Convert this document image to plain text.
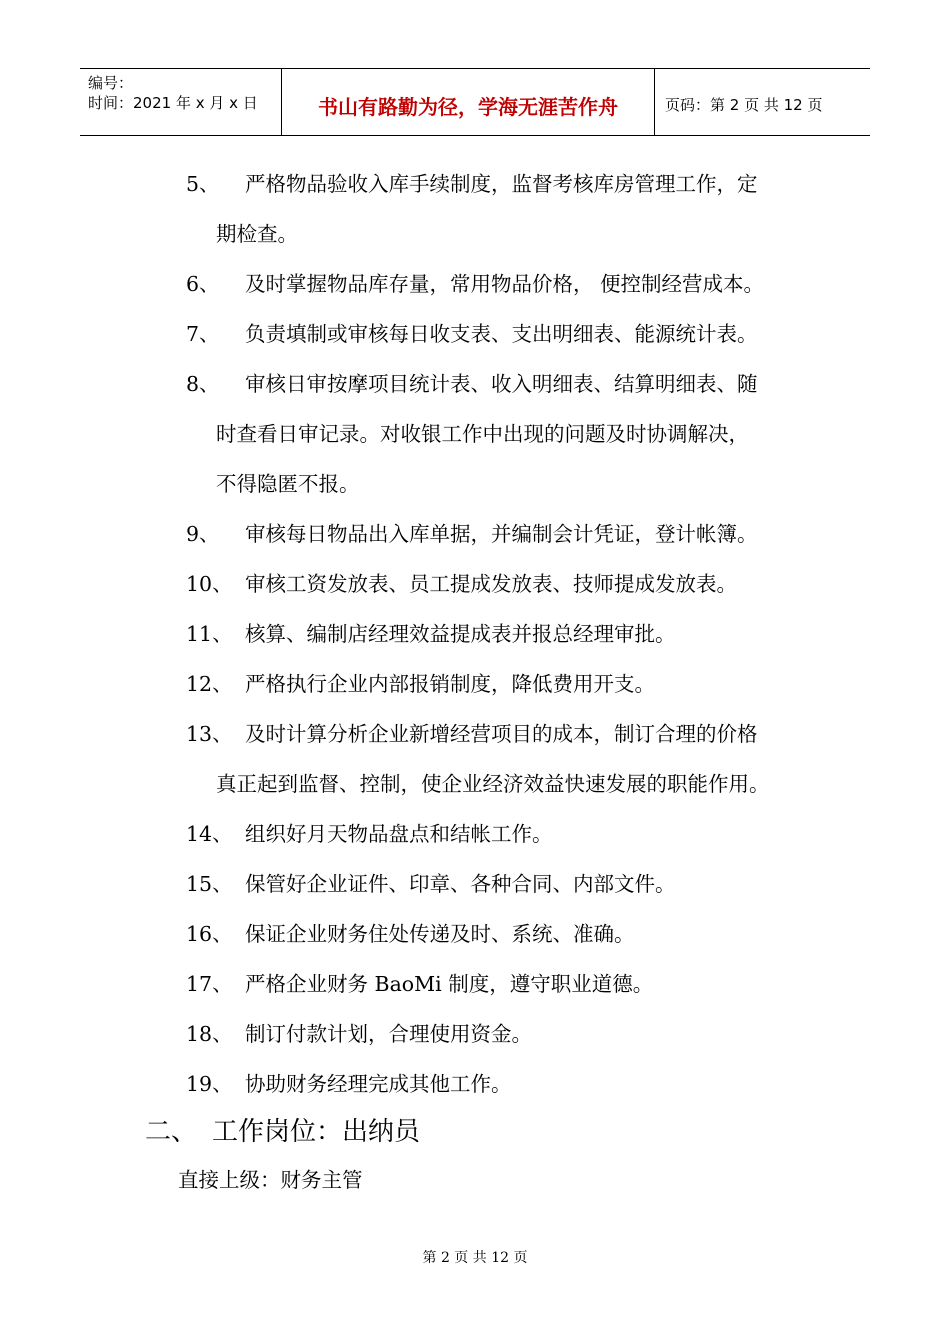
编号：
时间：2021 年 x 月 x 日	书山有路勤为径，学海无涯苦作舟	页码：第 2 页 共 12 页
5、 严格物品验收入库手续制度，监督考核库房管理工作，定
期检查。
6、 及时掌握物品库存量，常用物品价格， 便控制经营成本。
7、 负责填制或审核每日收支表、支出明细表、能源统计表。
8、 审核日审按摩项目统计表、收入明细表、结算明细表、随
时查看日审记录。对收银工作中出现的问题及时协调解决，
不得隐匿不报。
9、 审核每日物品出入库单据，并编制会计凭证，登计帐簿。
10、 审核工资发放表、员工提成发放表、技师提成发放表。
11、 核算、编制店经理效益提成表并报总经理审批。
12、 严格执行企业内部报销制度，降低费用开支。
13、 及时计算分析企业新增经营项目的成本，制订合理的价格
真正起到监督、控制，使企业经济效益快速发展的职能作用。
14、 组织好月天物品盘点和结帐工作。
15、 保管好企业证件、印章、各种合同、内部文件。
16、 保证企业财务住处传递及时、系统、准确。
17、 严格企业财务 BaoMi 制度，遵守职业道德。
18、 制订付款计划，合理使用资金。
19、 协助财务经理完成其他工作。
二、 工作岗位：出纳员
直接上级：财务主管
第 2 页 共 12 页
